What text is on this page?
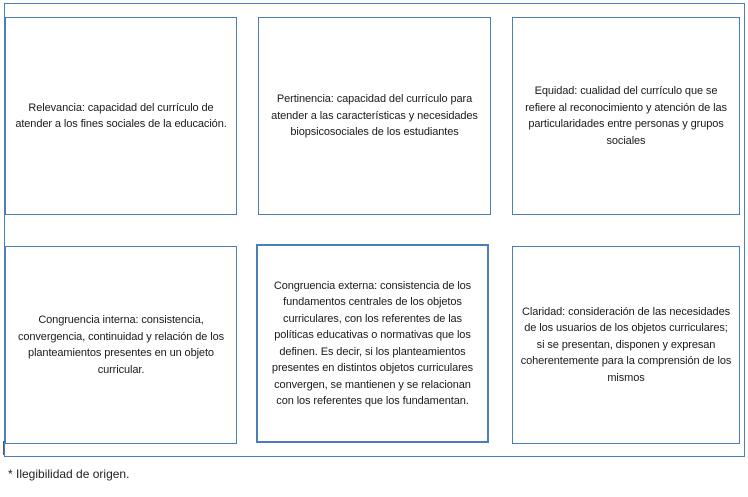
Relevancia: capacidad del currículo de atender a los fines sociales de la educación.

Pertinencia: capacidad del currículo para atender a las características y necesidades biopsicosociales de los estudiantes

Equidad: cualidad del currículo que se refiere al reconocimiento y atención de las particularidades entre personas y grupos sociales

Congruencia interna: consistencia, convergencia, continuidad y relación de los planteamientos presentes en un objeto curricular.

Congruencia externa: consistencia de los fundamentos centrales de los objetos curriculares, con los referentes de las políticas educativas o normativas que los definen. Es decir, si los planteamientos presentes en distintos objetos curriculares convergen, se mantienen y se relacionan con los referentes que los fundamentan.

Claridad: consideración de las necesidades de los usuarios de los objetos curriculares; si se presentan, disponen y expresan coherentemente para la comprensión de los mismos

* Ilegibilidad de origen.
